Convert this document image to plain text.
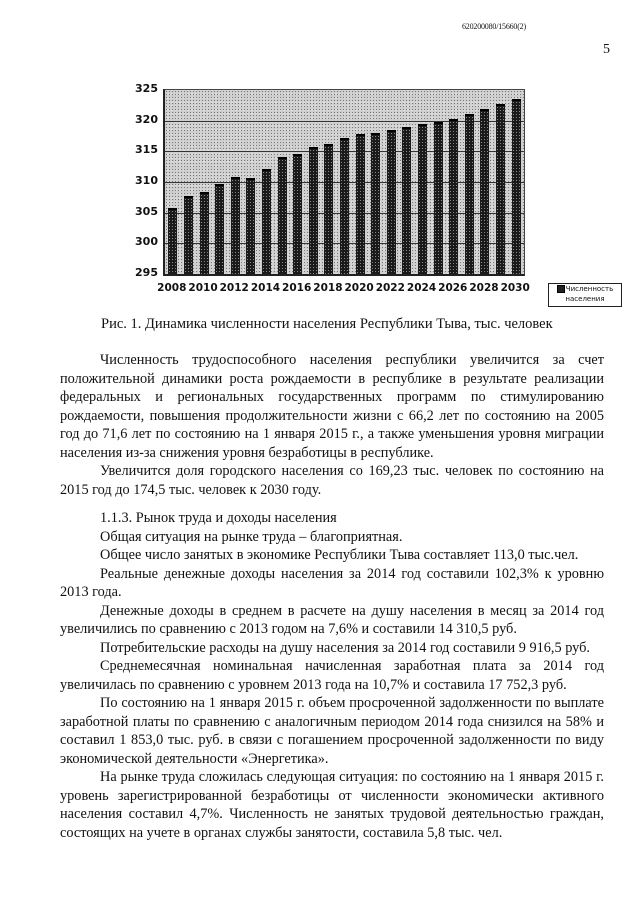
620200080/15660(2)
5
295
300
305
310
315
320
325
2008 2010 2012 2014 2016 2018 2020 2022 2024 2026 2028 2030	Численность
населения
Рис. 1. Динамика численности населения Республики Тыва, тыс. человек

Численность трудоспособного населения республики увеличится за счет положительной динамики роста рождаемости в республике в результате реализации федеральных и региональных государственных программ по стимулированию рождаемости, повышения продолжительности жизни с 66,2 лет по состоянию на 2005 год до 71,6 лет по состоянию на 1 января 2015 г., а также уменьшения уровня миграции населения из-за снижения уровня безработицы в республике.

Увеличится доля городского населения со 169,23 тыс. человек по состоянию на 2015 год до 174,5 тыс. человек к 2030 году.

1.1.3. Рынок труда и доходы населения

Общая ситуация на рынке труда – благоприятная.

Общее число занятых в экономике Республики Тыва составляет 113,0 тыс.чел.

Реальные денежные доходы населения за 2014 год составили 102,3% к уровню 2013 года.

Денежные доходы в среднем в расчете на душу населения в месяц за 2014 год увеличились по сравнению с 2013 годом на 7,6% и составили 14 310,5 руб.

Потребительские расходы на душу населения за 2014 год составили 9 916,5 руб.

Среднемесячная номинальная начисленная заработная плата за 2014 год увеличилась по сравнению с уровнем 2013 года на 10,7% и составила 17 752,3 руб.

По состоянию на 1 января 2015 г. объем просроченной задолженности по выплате заработной платы по сравнению с аналогичным периодом 2014 года снизился на 58% и составил 1 853,0 тыс. руб. в связи с погашением просроченной задолженности по виду экономической деятельности «Энергетика».

На рынке труда сложилась следующая ситуация: по состоянию на 1 января 2015 г. уровень зарегистрированной безработицы от численности экономически активного населения составил 4,7%. Численность не занятых трудовой деятельностью граждан, состоящих на учете в органах службы занятости, составила 5,8 тыс. чел.
